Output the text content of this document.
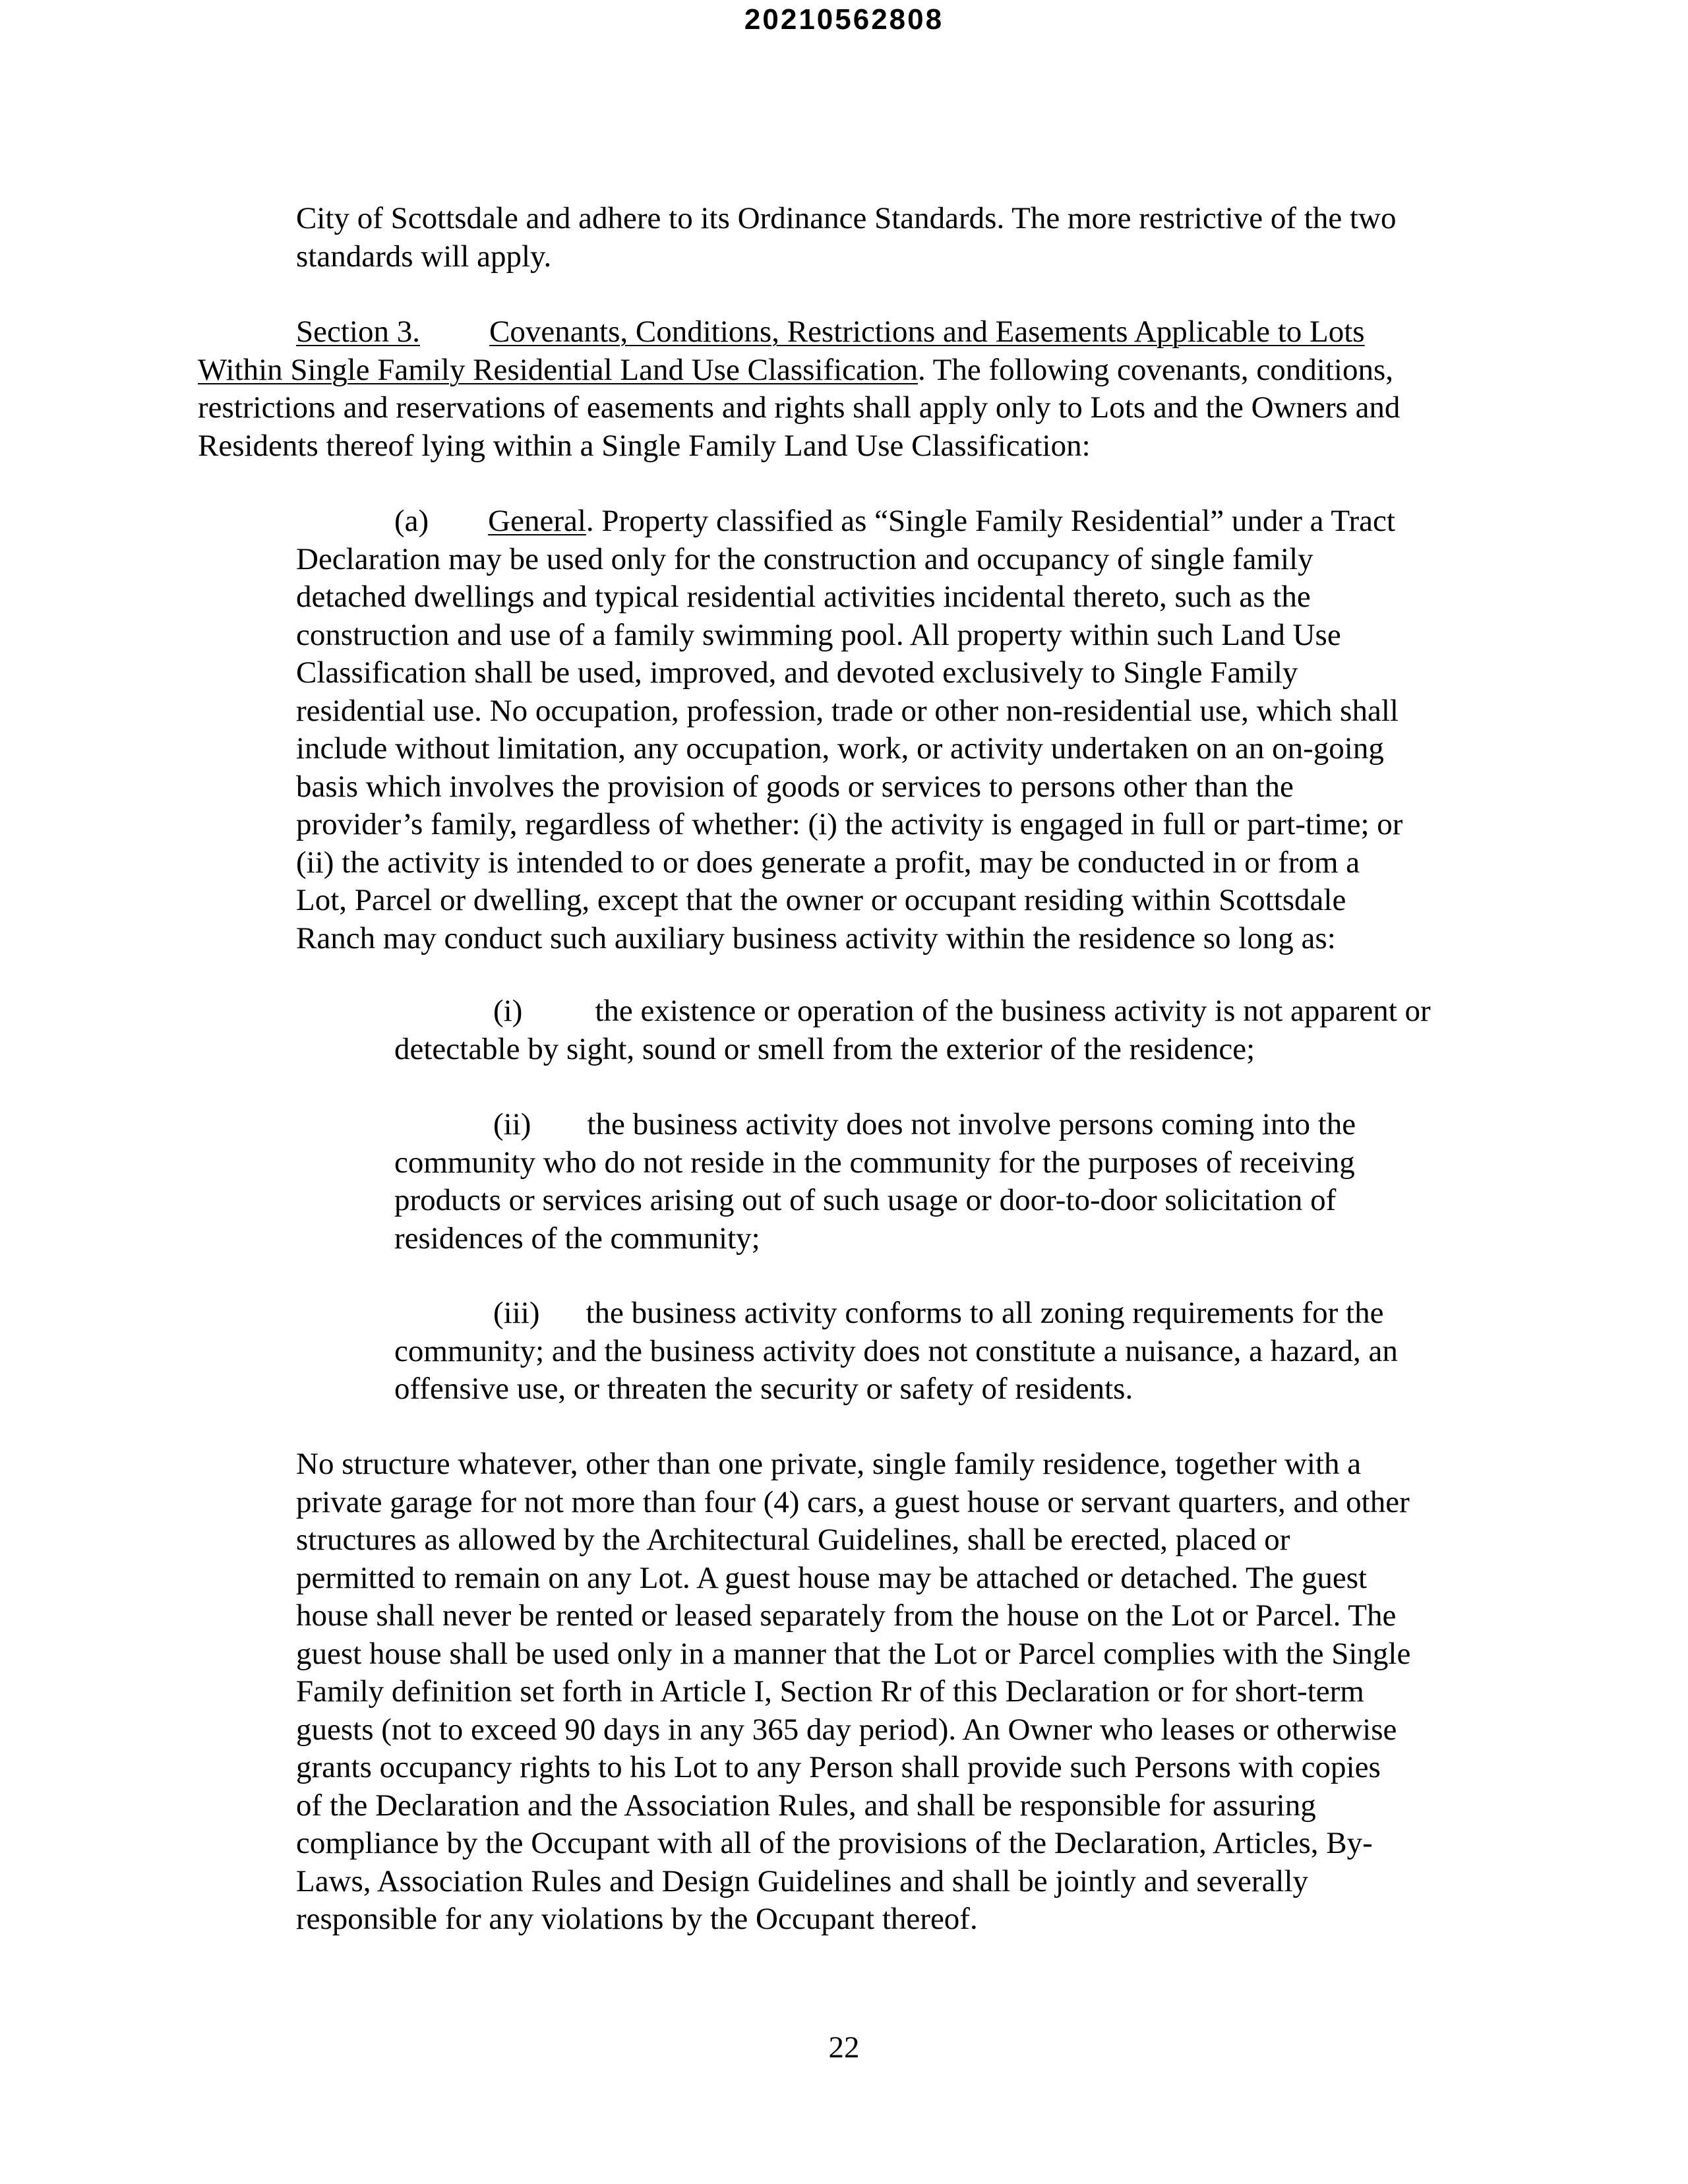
20210562808
City of Scottsdale and adhere to its Ordinance Standards. The more restrictive of the two
standards will apply.
Section 3. Covenants, Conditions, Restrictions and Easements Applicable to Lots
Within Single Family Residential Land Use Classification. The following covenants, conditions,
restrictions and reservations of easements and rights shall apply only to Lots and the Owners and
Residents thereof lying within a Single Family Land Use Classification:
(a) General. Property classified as “Single Family Residential” under a Tract
Declaration may be used only for the construction and occupancy of single family
detached dwellings and typical residential activities incidental thereto, such as the
construction and use of a family swimming pool. All property within such Land Use
Classification shall be used, improved, and devoted exclusively to Single Family
residential use. No occupation, profession, trade or other non-residential use, which shall
include without limitation, any occupation, work, or activity undertaken on an on-going
basis which involves the provision of goods or services to persons other than the
provider’s family, regardless of whether: (i) the activity is engaged in full or part-time; or
(ii) the activity is intended to or does generate a profit, may be conducted in or from a
Lot, Parcel or dwelling, except that the owner or occupant residing within Scottsdale
Ranch may conduct such auxiliary business activity within the residence so long as:
(i) the existence or operation of the business activity is not apparent or
detectable by sight, sound or smell from the exterior of the residence;
(ii) the business activity does not involve persons coming into the
community who do not reside in the community for the purposes of receiving
products or services arising out of such usage or door-to-door solicitation of
residences of the community;
(iii) the business activity conforms to all zoning requirements for the
community; and the business activity does not constitute a nuisance, a hazard, an
offensive use, or threaten the security or safety of residents.
No structure whatever, other than one private, single family residence, together with a
private garage for not more than four (4) cars, a guest house or servant quarters, and other
structures as allowed by the Architectural Guidelines, shall be erected, placed or
permitted to remain on any Lot. A guest house may be attached or detached. The guest
house shall never be rented or leased separately from the house on the Lot or Parcel. The
guest house shall be used only in a manner that the Lot or Parcel complies with the Single
Family definition set forth in Article I, Section Rr of this Declaration or for short-term
guests (not to exceed 90 days in any 365 day period). An Owner who leases or otherwise
grants occupancy rights to his Lot to any Person shall provide such Persons with copies
of the Declaration and the Association Rules, and shall be responsible for assuring
compliance by the Occupant with all of the provisions of the Declaration, Articles, By-
Laws, Association Rules and Design Guidelines and shall be jointly and severally
responsible for any violations by the Occupant thereof.
22
